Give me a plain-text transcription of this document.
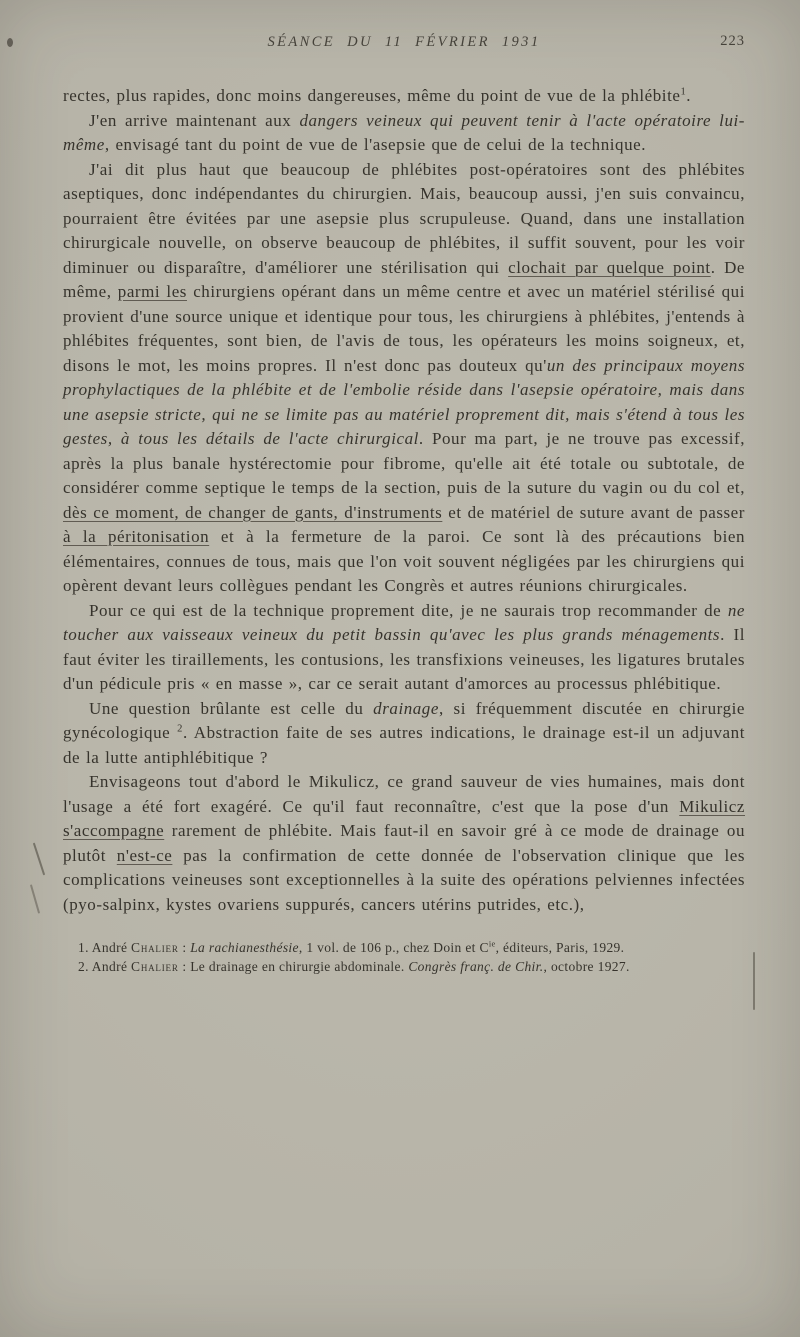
SÉANCE DU 11 FÉVRIER 1931	223

rectes, plus rapides, donc moins dangereuses, même du point de vue de la phlébite$^1$.

J'en arrive maintenant aux dangers veineux qui peuvent tenir à l'acte opératoire lui-même, envisagé tant du point de vue de l'asepsie que de celui de la technique.

J'ai dit plus haut que beaucoup de phlébites post-opératoires sont des phlébites aseptiques, donc indépendantes du chirurgien. Mais, beaucoup aussi, j'en suis convaincu, pourraient être évitées par une asepsie plus scrupuleuse. Quand, dans une installation chirurgicale nouvelle, on observe beaucoup de phlébites, il suffit souvent, pour les voir diminuer ou disparaître, d'améliorer une stérilisation qui clochait par quelque point. De même, parmi les chirurgiens opérant dans un même centre et avec un matériel stérilisé qui provient d'une source unique et identique pour tous, les chirurgiens à phlébites, j'entends à phlébites fréquentes, sont bien, de l'avis de tous, les opérateurs les moins soigneux, et, disons le mot, les moins propres. Il n'est donc pas douteux qu'un des principaux moyens prophylactiques de la phlébite et de l'embolie réside dans l'asepsie opératoire, mais dans une asepsie stricte, qui ne se limite pas au matériel proprement dit, mais s'étend à tous les gestes, à tous les détails de l'acte chirurgical. Pour ma part, je ne trouve pas excessif, après la plus banale hystérectomie pour fibrome, qu'elle ait été totale ou subtotale, de considérer comme septique le temps de la section, puis de la suture du vagin ou du col et, dès ce moment, de changer de gants, d'instruments et de matériel de suture avant de passer à la péritonisation et à la fermeture de la paroi. Ce sont là des précautions bien élémentaires, connues de tous, mais que l'on voit souvent négligées par les chirurgiens qui opèrent devant leurs collègues pendant les Congrès et autres réunions chirurgicales.

Pour ce qui est de la technique proprement dite, je ne saurais trop recommander de ne toucher aux vaisseaux veineux du petit bassin qu'avec les plus grands ménagements. Il faut éviter les tiraillements, les contusions, les transfixions veineuses, les ligatures brutales d'un pédicule pris « en masse », car ce serait autant d'amorces au processus phlébitique.

Une question brûlante est celle du drainage, si fréquemment discutée en chirurgie gynécologique $^2$. Abstraction faite de ses autres indications, le drainage est-il un adjuvant de la lutte antiphlébitique ?

Envisageons tout d'abord le Mikulicz, ce grand sauveur de vies humaines, mais dont l'usage a été fort exagéré. Ce qu'il faut reconnaître, c'est que la pose d'un Mikulicz s'accompagne rarement de phlébite. Mais faut-il en savoir gré à ce mode de drainage ou plutôt n'est-ce pas la confirmation de cette donnée de l'observation clinique que les complications veineuses sont exceptionnelles à la suite des opérations pelviennes infectées (pyo-salpinx, kystes ovariens suppurés, cancers utérins putrides, etc.),

1. André Chalier : La rachianesthésie, 1 vol. de 106 p., chez Doin et $C^{ie}$, éditeurs, Paris, 1929.

2. André Chalier : Le drainage en chirurgie abdominale. Congrès franç. de Chir., octobre 1927.
